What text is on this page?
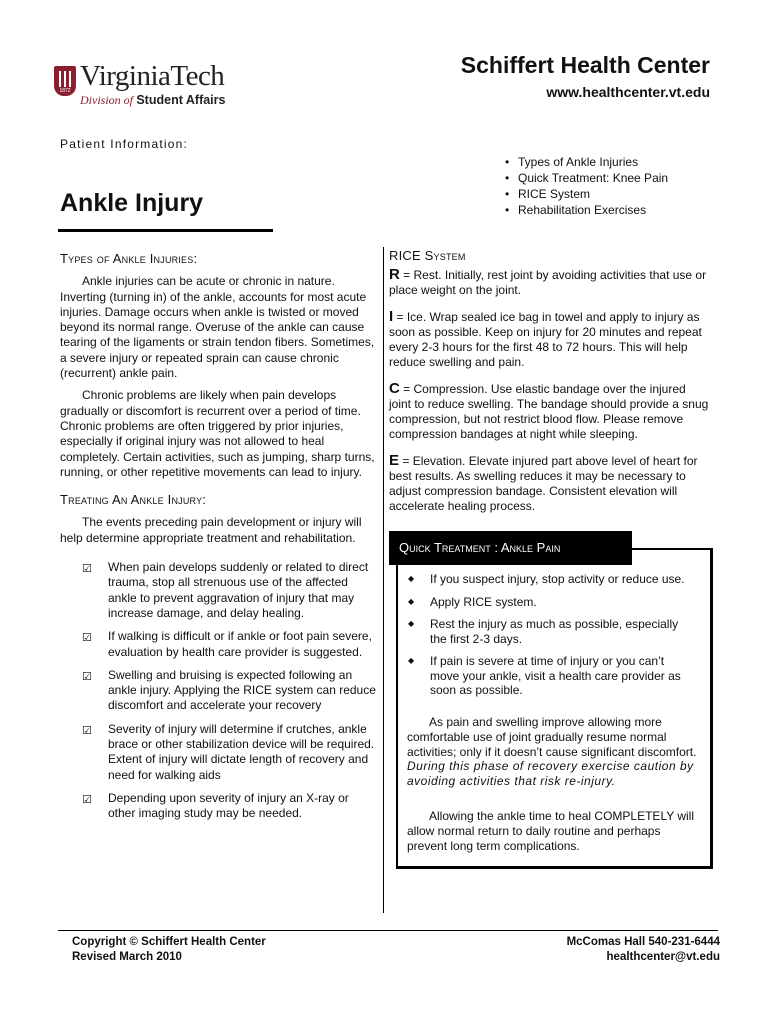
1872 VirginiaTech
Division of Student Affairs
Schiffert Health Center
www.healthcenter.vt.edu
Patient Information:
Ankle Injury
• Types of Ankle Injuries
• Quick Treatment: Knee Pain
• RICE System
• Rehabilitation Exercises
Types of Ankle Injuries:

Ankle injuries can be acute or chronic in nature. Inverting (turning in) of the ankle, accounts for most acute injuries. Damage occurs when ankle is twisted or moved beyond its normal range. Overuse of the ankle can cause tearing of the ligaments or strain tendon fibers. Sometimes, a severe injury or repeated sprain can cause chronic (recurrent) ankle pain.

Chronic problems are likely when pain develops gradually or discomfort is recurrent over a period of time. Chronic problems are often triggered by prior injuries, especially if original injury was not allowed to heal completely. Certain activities, such as jumping, sharp turns, running, or other repetitive movements can lead to injury.

Treating An Ankle Injury:

The events preceding pain development or injury will help determine appropriate treatment and rehabilitation.

☑ When pain develops suddenly or related to direct trauma, stop all strenuous use of the affected ankle to prevent aggravation of injury that may increase damage, and delay healing.
☑ If walking is difficult or if ankle or foot pain severe, evaluation by health care provider is suggested.
☑ Swelling and bruising is expected following an ankle injury. Applying the RICE system can reduce discomfort and accelerate your recovery
☑ Severity of injury will determine if crutches, ankle brace or other stabilization device will be required. Extent of injury will dictate length of recovery and need for walking aids
☑ Depending upon severity of injury an X-ray or other imaging study may be needed.
RICE System

R = Rest. Initially, rest joint by avoiding activities that use or place weight on the joint.

I = Ice. Wrap sealed ice bag in towel and apply to injury as soon as possible. Keep on injury for 20 minutes and repeat every 2-3 hours for the first 48 to 72 hours. This will help reduce swelling and pain.

C = Compression. Use elastic bandage over the injured joint to reduce swelling. The bandage should provide a snug compression, but not restrict blood flow. Please remove compression bandages at night while sleeping.

E = Elevation. Elevate injured part above level of heart for best results. As swelling reduces it may be necessary to adjust compression bandage. Consistent elevation will accelerate healing process.

Quick Treatment : Ankle Pain
◆ If you suspect injury, stop activity or reduce use.
◆ Apply RICE system.
◆ Rest the injury as much as possible, especially the first 2-3 days.
◆ If pain is severe at time of injury or you can’t move your ankle, visit a health care provider as soon as possible.

As pain and swelling improve allowing more comfortable use of joint gradually resume normal activities; only if it doesn’t cause significant discomfort. During this phase of recovery exercise caution by avoiding activities that risk re-injury.

Allowing the ankle time to heal COMPLETELY will allow normal return to daily routine and perhaps prevent long term complications.

Copyright © Schiffert Health Center
Revised March 2010
McComas Hall 540-231-6444
healthcenter@vt.edu
